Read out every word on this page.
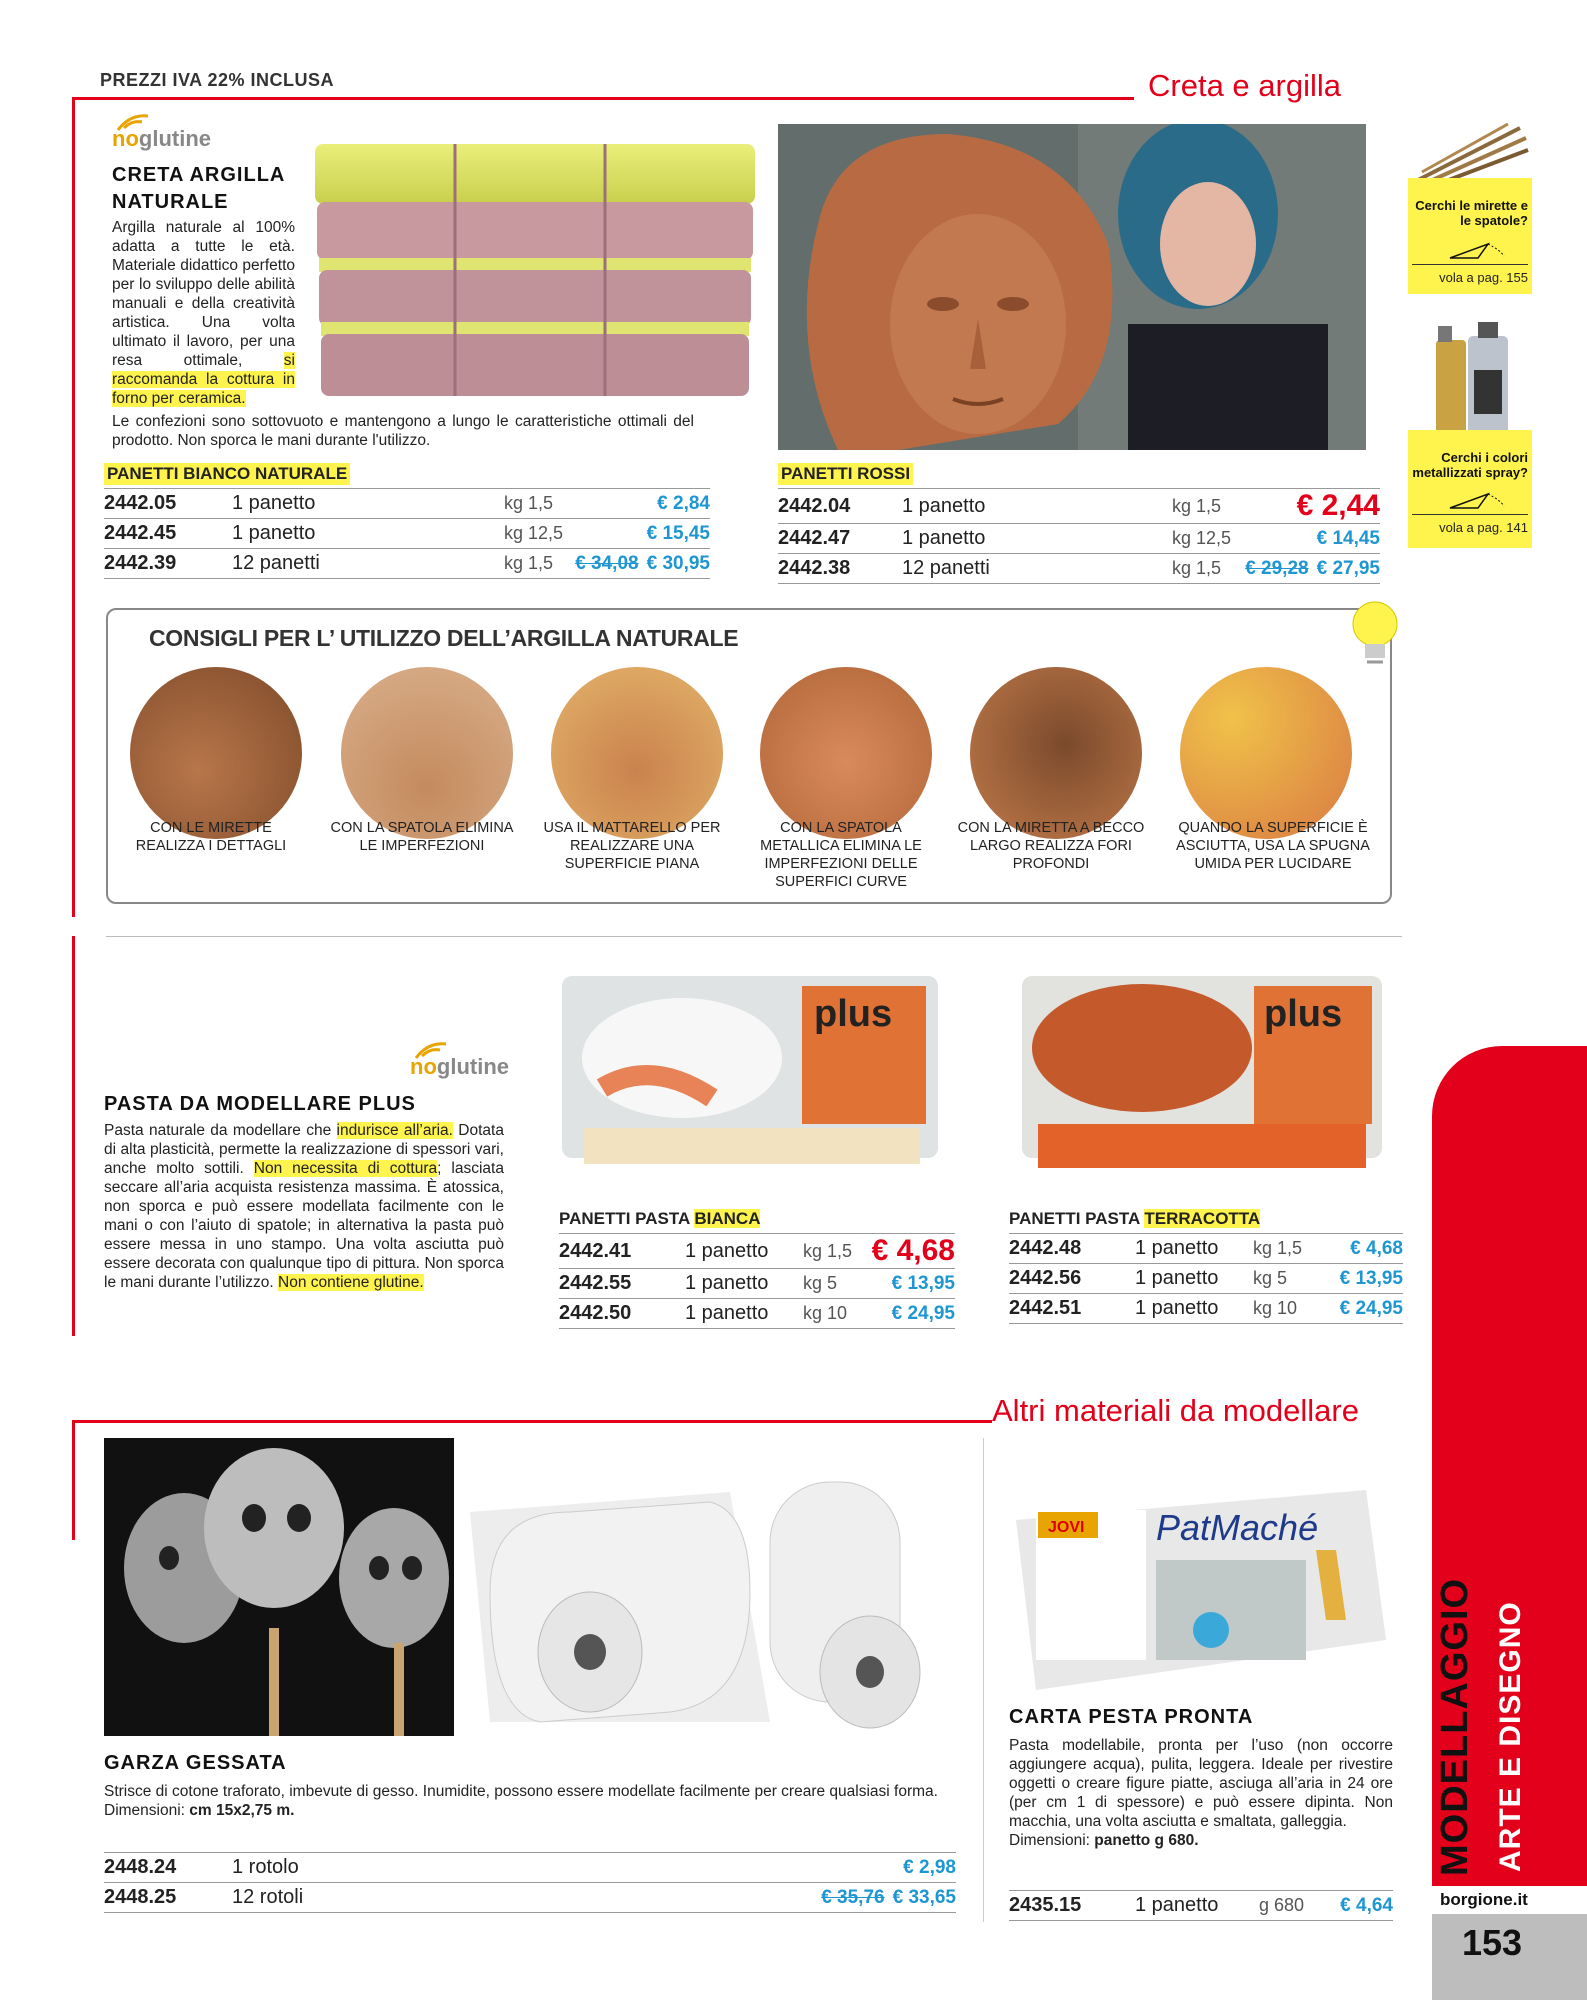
PREZZI IVA 22% INCLUSA	Creta e argilla
Cerchi le mirette e le spatole?
vola a pag. 155
Cerchi i colori metallizzati spray?
vola a pag. 141
noglutine
CRETA ARGILLA NATURALE
Argilla naturale al 100% adatta a tutte le età. Materiale didattico perfetto per lo sviluppo delle abilità manuali e della creatività artistica. Una volta ultimato il lavoro, per una resa ottimale, si raccomanda la cottura in forno per ceramica.
Le confezioni sono sottovuoto e mantengono a lungo le caratteristiche ottimali del prodotto. Non sporca le mani durante l'utilizzo.
PANETTI BIANCO NATURALE
2442.05	1 panetto	kg 1,5	€ 2,84
2442.45	1 panetto	kg 12,5	€ 15,45
2442.39	12 panetti	kg 1,5	€ 34,08 € 30,95
PANETTI ROSSI
2442.04	1 panetto	kg 1,5	€ 2,44
2442.47	1 panetto	kg 12,5	€ 14,45
2442.38	12 panetti	kg 1,5	€ 29,28 € 27,95
CONSIGLI PER L’ UTILIZZO DELL’ARGILLA NATURALE
CON LE MIRETTE REALIZZA I DETTAGLI
CON LA SPATOLA ELIMINA LE IMPERFEZIONI
USA IL MATTARELLO PER REALIZZARE UNA SUPERFICIE PIANA
CON LA SPATOLA METALLICA ELIMINA LE IMPERFEZIONI DELLE SUPERFICI CURVE
CON LA MIRETTA A BECCO LARGO REALIZZA FORI PROFONDI
QUANDO LA SUPERFICIE È ASCIUTTA, USA LA SPUGNA UMIDA PER LUCIDARE
noglutine
PASTA DA MODELLARE PLUS
Pasta naturale da modellare che indurisce all’aria. Dotata di alta plasticità, permette la realizzazione di spessori vari, anche molto sottili. Non necessita di cottura; lasciata seccare all’aria acquista resistenza massima. È atossica, non sporca e può essere modellata facilmente con le mani o con l’aiuto di spatole; in alternativa la pasta può essere messa in uno stampo. Una volta asciutta può essere decorata con qualunque tipo di pittura. Non sporca le mani durante l’utilizzo. Non contiene glutine.
plus	plus
PANETTI PASTA BIANCA
2442.41	1 panetto	kg 1,5	€ 4,68
2442.55	1 panetto	kg 5	€ 13,95
2442.50	1 panetto	kg 10	€ 24,95
PANETTI PASTA TERRACOTTA
2442.48	1 panetto	kg 1,5	€ 4,68
2442.56	1 panetto	kg 5	€ 13,95
2442.51	1 panetto	kg 10	€ 24,95
Altri materiali da modellare
GARZA GESSATA
Strisce di cotone traforato, imbevute di gesso. Inumidite, possono essere modellate facilmente per creare qualsiasi forma.
Dimensioni: cm 15x2,75 m.
2448.24	1 rotolo	€ 2,98
2448.25	12 rotoli	€ 35,76 € 33,65
JOVI PatMaché
CARTA PESTA PRONTA
Pasta modellabile, pronta per l’uso (non occorre aggiungere acqua), pulita, leggera. Ideale per rivestire oggetti o creare figure piatte, asciuga all’aria in 24 ore (per cm 1 di spessore) e può essere dipinta. Non macchia, una volta asciutta e smaltata, galleggia.
Dimensioni: panetto g 680.
2435.15	1 panetto	g 680	€ 4,64
MODELLAGGIO ARTE E DISEGNO
borgione.it
153
